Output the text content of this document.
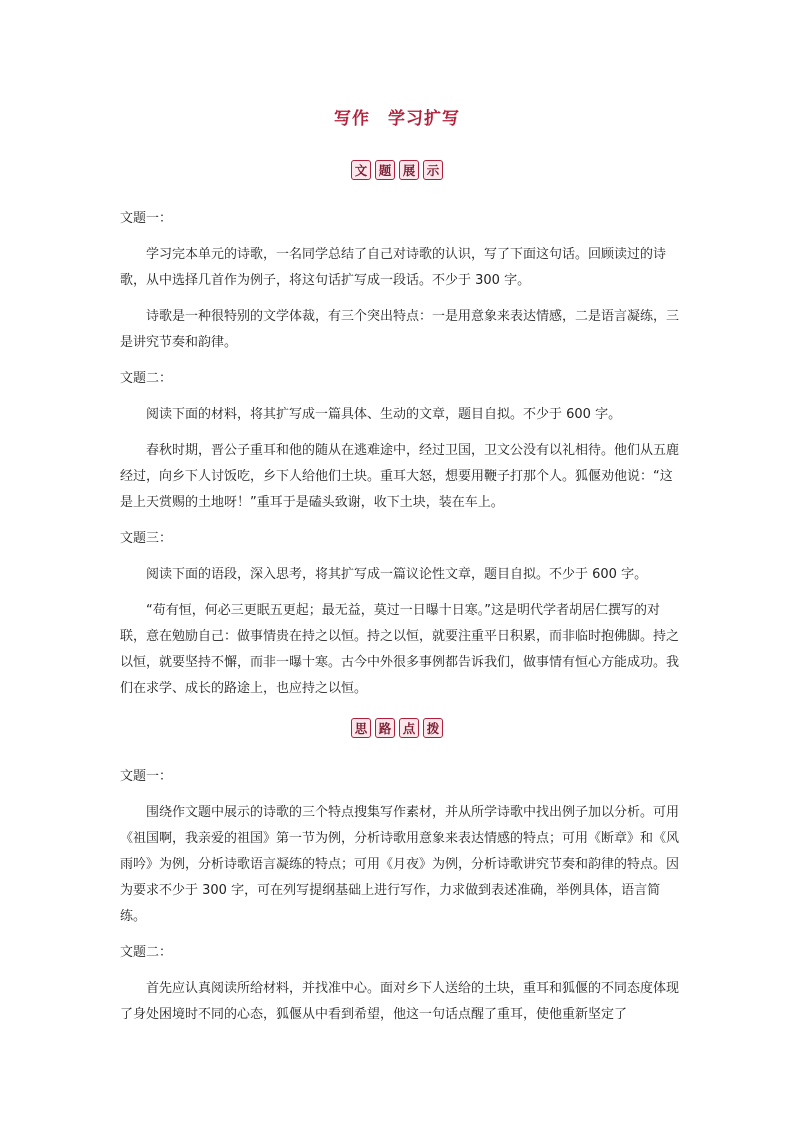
写作 学习扩写
文 题 展 示

文题一：

学习完本单元的诗歌，一名同学总结了自己对诗歌的认识，写了下面这句话。回顾读过的诗歌，从中选择几首作为例子，将这句话扩写成一段话。不少于 300 字。

诗歌是一种很特别的文学体裁，有三个突出特点：一是用意象来表达情感，二是语言凝练，三是讲究节奏和韵律。

文题二：

阅读下面的材料，将其扩写成一篇具体、生动的文章，题目自拟。不少于 600 字。

春秋时期，晋公子重耳和他的随从在逃难途中，经过卫国，卫文公没有以礼相待。他们从五鹿经过，向乡下人讨饭吃，乡下人给他们土块。重耳大怒，想要用鞭子打那个人。狐偃劝他说：“这是上天赏赐的土地呀！”重耳于是磕头致谢，收下土块，装在车上。

文题三：

阅读下面的语段，深入思考，将其扩写成一篇议论性文章，题目自拟。不少于 600 字。

“苟有恒，何必三更眠五更起；最无益，莫过一日曝十日寒。”这是明代学者胡居仁撰写的对联，意在勉励自己：做事情贵在持之以恒。持之以恒，就要注重平日积累，而非临时抱佛脚。持之以恒，就要坚持不懈，而非一曝十寒。古今中外很多事例都告诉我们，做事情有恒心方能成功。我们在求学、成长的路途上，也应持之以恒。

思 路 点 拨

文题一：

围绕作文题中展示的诗歌的三个特点搜集写作素材，并从所学诗歌中找出例子加以分析。可用《祖国啊，我亲爱的祖国》第一节为例，分析诗歌用意象来表达情感的特点；可用《断章》和《风雨吟》为例，分析诗歌语言凝练的特点；可用《月夜》为例，分析诗歌讲究节奏和韵律的特点。因为要求不少于 300 字，可在列写提纲基础上进行写作，力求做到表述准确，举例具体，语言简练。

文题二：

首先应认真阅读所给材料，并找准中心。面对乡下人送给的土块，重耳和狐偃的不同态度体现了身处困境时不同的心态，狐偃从中看到希望，他这一句话点醒了重耳，使他重新坚定了
